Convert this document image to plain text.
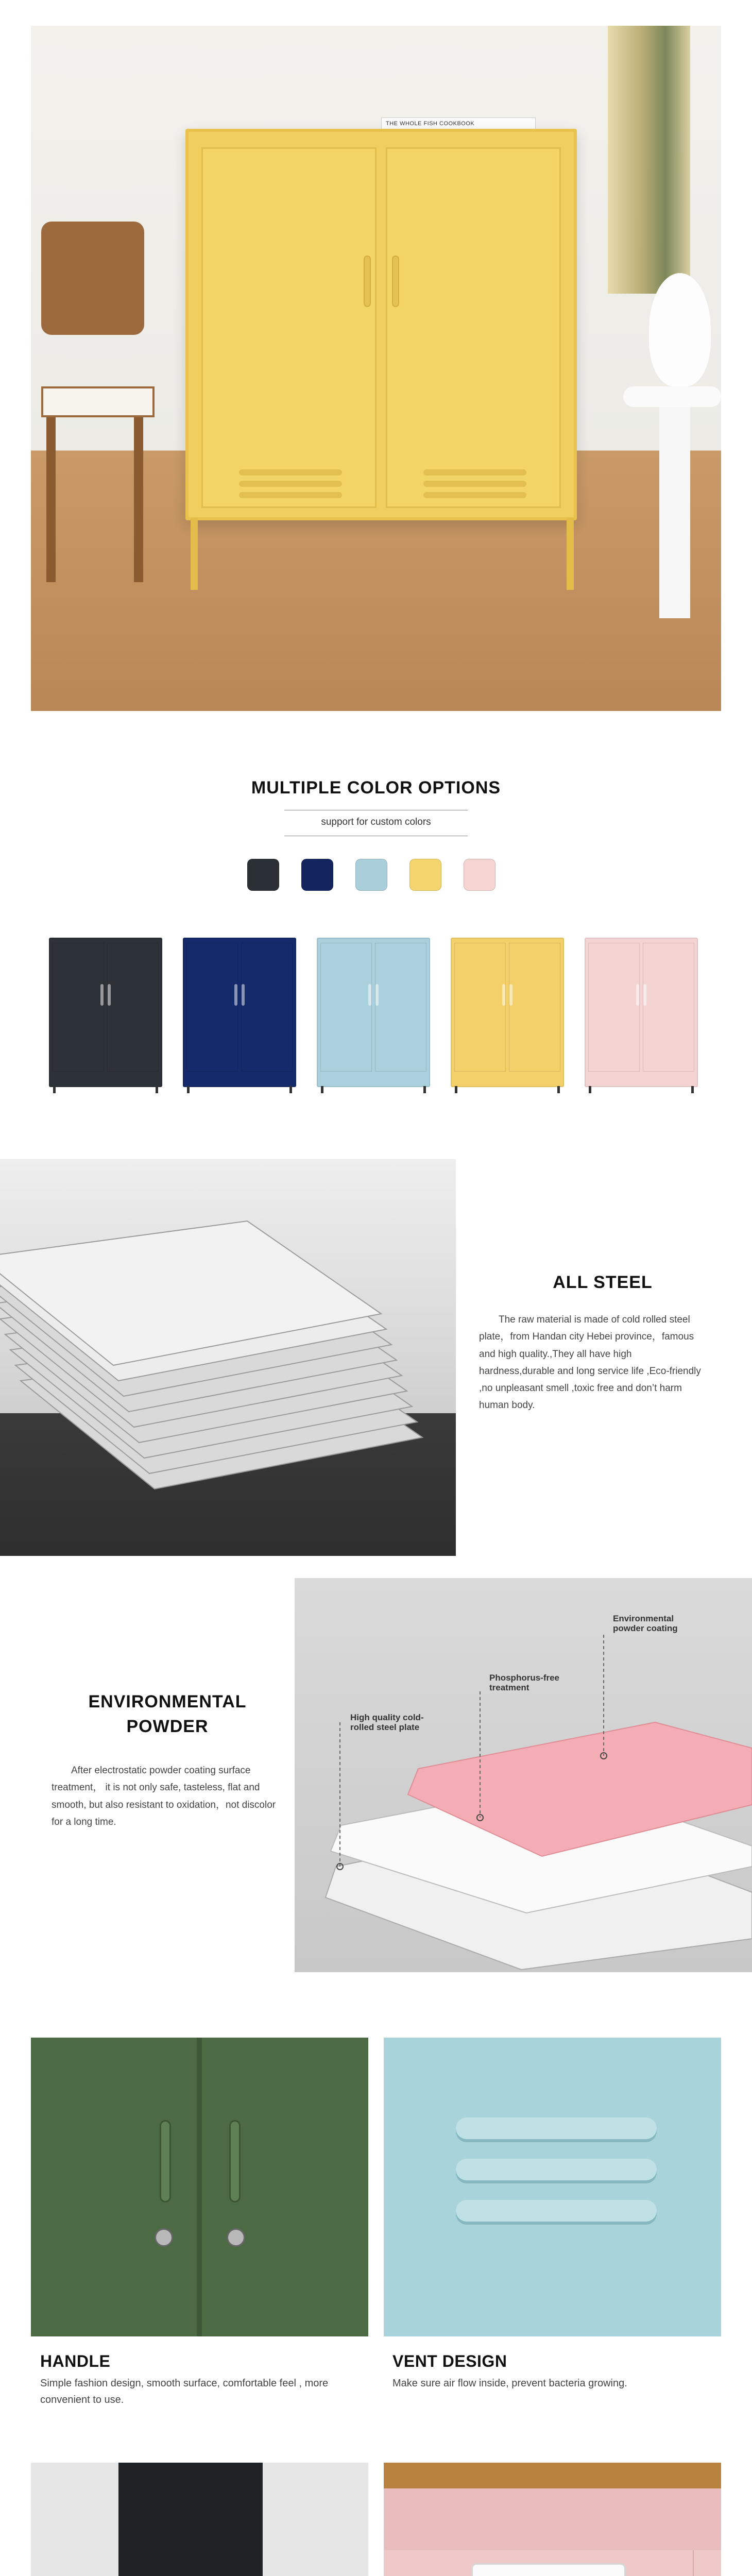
THE WHOLE FISH COOKBOOK
MULTIPLE COLOR OPTIONS
support for custom colors
ALL STEEL
The raw material is made of cold rolled steel plate，from Handan city Hebei province，famous and high quality.,They all have high hardness,durable and long service life ,Eco-friendly ,no unpleasant smell ,toxic free and don’t harm human body.
ENVIRONMENTAL
POWDER
After electrostatic powder coating surface treatment， it is not only safe, tasteless, flat and smooth, but also resistant to oxidation，not discolor for a long time.
Environmental
powder coating
Phosphorus-free
treatment
High quality cold-
rolled steel plate
HANDLE
Simple fashion design, smooth surface, comfortable feel , more convenient to use.
VENT DESIGN
Make sure air flow inside, prevent bacteria growing.
